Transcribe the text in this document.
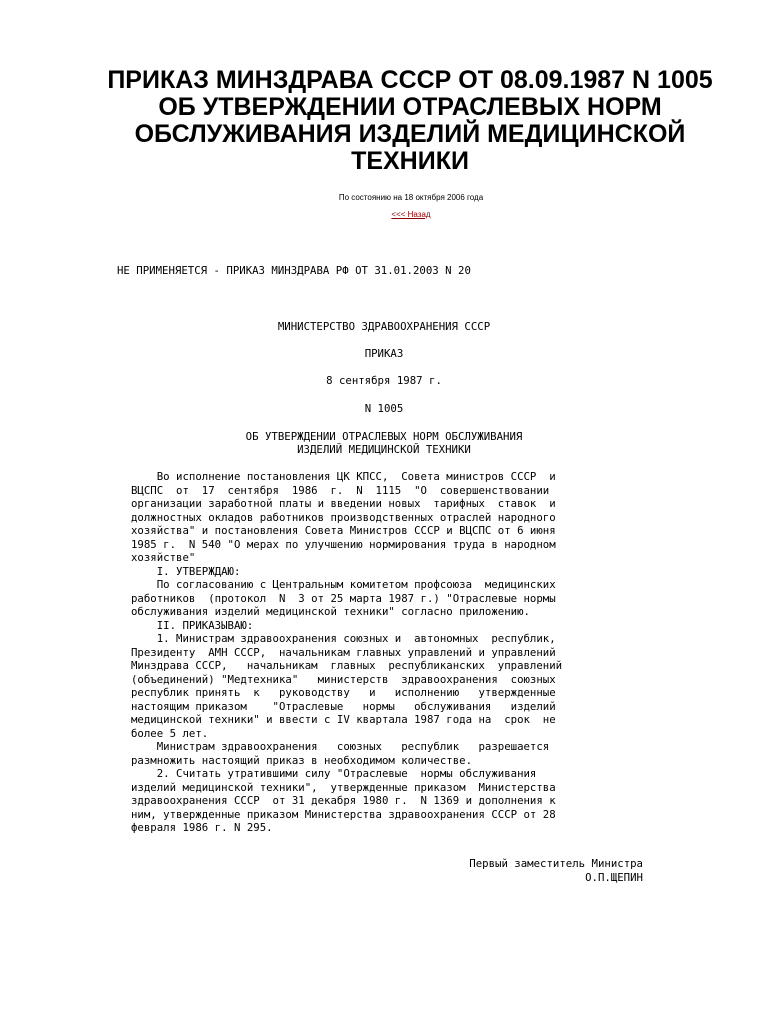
ПРИКАЗ МИНЗДРАВА СССР ОТ 08.09.1987 N 1005 ОБ УТВЕРЖДЕНИИ ОТРАСЛЕВЫХ НОРМ ОБСЛУЖИВАНИЯ ИЗДЕЛИЙ МЕДИЦИНСКОЙ ТЕХНИКИ
По состоянию на 18 октября 2006 года
<<< Назад
НЕ ПРИМЕНЯЕТСЯ - ПРИКАЗ МИНЗДРАВА РФ ОТ 31.01.2003 N 20
МИНИСТЕРСТВО ЗДРАВООХРАНЕНИЯ СССР
ПРИКАЗ
8 сентября 1987 г.
N 1005
ОБ УТВЕРЖДЕНИИ ОТРАСЛЕВЫХ НОРМ ОБСЛУЖИВАНИЯ
ИЗДЕЛИЙ МЕДИЦИНСКОЙ ТЕХНИКИ
Во исполнение постановления ЦК КПСС,  Совета министров СССР  и
ВЦСПС  от  17  сентября  1986  г.  N  1115  "О  совершенствовании
организации заработной платы и введении новых  тарифных  ставок  и
должностных окладов работников производственных отраслей народного
хозяйства" и постановления Совета Министров СССР и ВЦСПС от 6 июня
1985 г.  N 540 "О мерах по улучшению нормирования труда в народном
хозяйстве"
I. УТВЕРЖДАЮ:
По согласованию с Центральным комитетом профсоюза  медицинских
работников  (протокол  N  3 от 25 марта 1987 г.) "Отраслевые нормы
обслуживания изделий медицинской техники" согласно приложению.
II. ПРИКАЗЫВАЮ:
1. Министрам здравоохранения союзных и  автономных  республик,
Президенту  АМН СССР,  начальникам главных управлений и управлений
Минздрава СССР,   начальникам  главных  республиканских  управлений
(объединений) "Медтехника"   министерств  здравоохранения  союзных
республик принять  к   руководству   и   исполнению   утвержденные
настоящим приказом    "Отраслевые   нормы   обслуживания   изделий
медицинской техники" и ввести с IV квартала 1987 года на  срок  не
более 5 лет.
Министрам здравоохранения   союзных   республик   разрешается
размножить настоящий приказ в необходимом количестве.
2. Считать утратившими силу "Отраслевые  нормы обслуживания
изделий медицинской техники",  утвержденные приказом  Министерства
здравоохранения СССР  от 31 декабря 1980 г.  N 1369 и дополнения к
ним, утвержденные приказом Министерства здравоохранения СССР от 28
февраля 1986 г. N 295.
Первый заместитель Министра
О.П.ЩЕПИН
